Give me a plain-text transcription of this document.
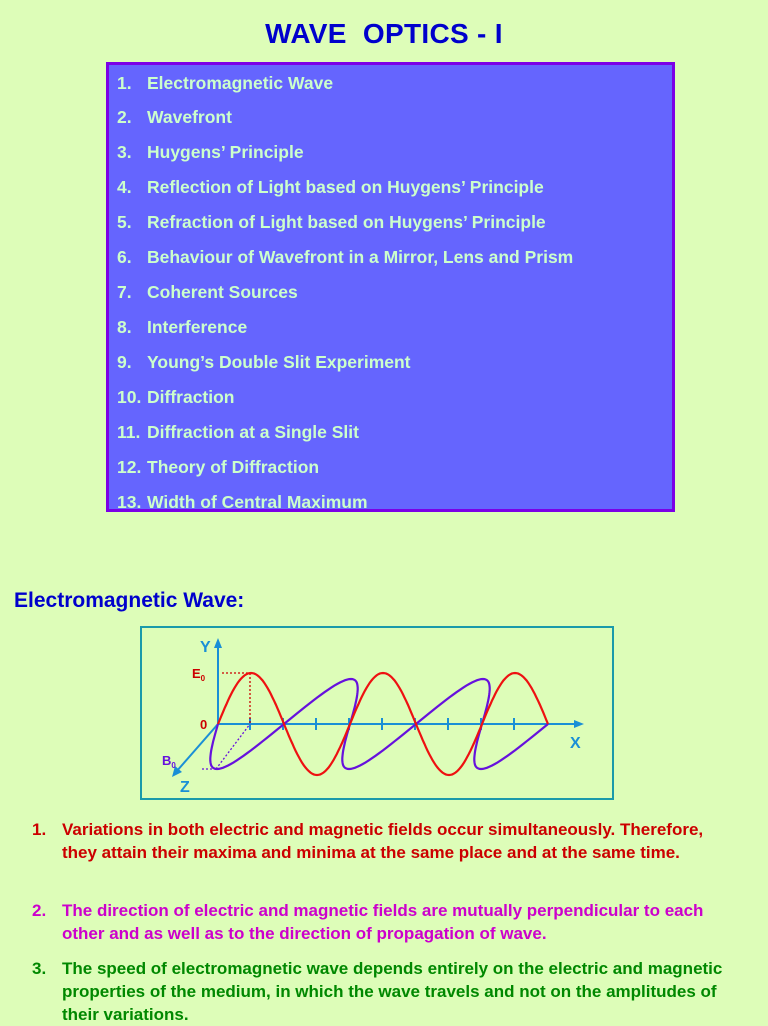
WAVE  OPTICS - I
1. Electromagnetic Wave
2. Wavefront
3. Huygens’ Principle
4. Reflection of Light based on Huygens’ Principle
5. Refraction of Light based on Huygens’ Principle
6. Behaviour of Wavefront in a Mirror, Lens and Prism
7. Coherent Sources
8. Interference
9. Young’s Double Slit Experiment
10. Diffraction
11. Diffraction at a Single Slit
12. Theory of Diffraction
13. Width of Central Maximum
Electromagnetic Wave:
Y
X
Z
0
$E_0$
$B_0$
1. Variations in both electric and magnetic fields occur simultaneously. Therefore, they attain their maxima and minima at the same place and at the same time.
2. The direction of electric and magnetic fields are mutually perpendicular to each other and as well as to the direction of propagation of wave.
3. The speed of electromagnetic wave depends entirely on the electric and magnetic properties of the medium, in which the wave travels and not on the amplitudes of their variations.
